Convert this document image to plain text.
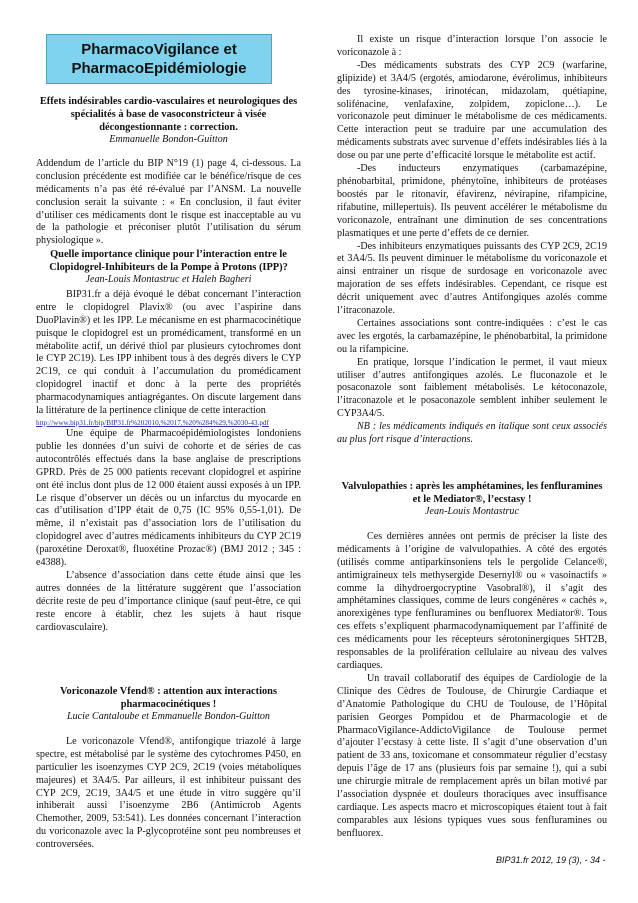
PharmacoVigilance et
PharmacoEpidémiologie

Effets indésirables cardio-vasculaires et neurologiques des spécialités à base de vasoconstricteur à visée décongestionnante : correction.

Emmanuelle Bondon-Guitton

Addendum de l’article du BIP N°19 (1) page 4, ci-dessous. La conclusion précédente est modifiée car le bénéfice/risque de ces médicaments n’a pas été ré-évalué par l’ANSM. La nouvelle conclusion serait la suivante : « En conclusion, il faut éviter d’utiliser ces médicaments dont le risque est inacceptable au vu de la pathologie et préconiser plutôt l’utilisation du sérum physiologique ».

Quelle importance clinique pour l’interaction entre le Clopidogrel-Inhibiteurs de la Pompe à Protons (IPP)?

Jean-Louis Montastruc et Haleh Bagheri

BIP31.fr a déjà évoqué le débat concernant l’interaction entre le clopidogrel Plavix® (ou avec l’aspirine dans DuoPlavin®) et les IPP. Le mécanisme en est pharmacocinétique puisque le clopidogrel est un promédicament, transformé en un métabolite actif, un dérivé thiol par plusieurs cytochromes dont le CYP 2C19). Les IPP inhibent tous à des degrés divers le CYP 2C19, ce qui conduit à l’accumulation du promédicament clopidogrel inactif et donc à la perte des propriétés pharmacodynamiques antiagrégantes. On discute largement dans la littérature de la pertinence clinique de cette interaction

http://www.bip31.fr/bip/BIP31.fr%202010,%2017,%20%284%29,%2030-43.pdf

Une équipe de Pharmacoépidémiologistes londoniens publie les données d’un suivi de cohorte et de séries de cas autocontrôlés effectués dans la base anglaise de prescriptions GPRD. Près de 25 000 patients recevant clopidogrel et aspirine ont été inclus dont plus de 12 000 étaient aussi exposés à un IPP. Le risque d’observer un décès ou un infarctus du myocarde en cas d’utilisation d’IPP était de 0,75 (IC 95% 0,55-1,01). De même, il n’existait pas d’association lors de l’utilisation du clopidogrel avec d’autres médicaments inhibiteurs du CYP 2C19 (paroxétine Deroxat®, fluoxétine Prozac®) (BMJ 2012 ; 345 : e4388).

L’absence d’association dans cette étude ainsi que les autres données de la littérature suggèrent que l’association décrite reste de peu d’importance clinique (sauf peut-être, ce qui reste encore à établir, chez les sujets à haut risque cardiovasculaire).

Voriconazole Vfend® : attention aux interactions pharmacocinétiques !

Lucie Cantaloube et Emmanuelle Bondon-Guitton

Le voriconazole Vfend®, antifongique triazolé à large spectre, est métabolisé par le système des cytochromes P450, en particulier les isoenzymes CYP 2C9, 2C19 (voies métaboliques majeures) et 3A4/5. Par ailleurs, il est inhibiteur puissant des CYP 2C9, 2C19, 3A4/5 et une étude in vitro suggère qu’il inhiberait aussi l’isoenzyme 2B6 (Antimicrob Agents Chemother, 2009, 53:541). Les données concernant l’interaction du voriconazole avec la P-glycoprotéine sont peu nombreuses et controversées.

Il existe un risque d’interaction lorsque l’on associe le voriconazole à :

-Des médicaments substrats des CYP 2C9 (warfarine, glipizide) et 3A4/5 (ergotés, amiodarone, évérolimus, inhibiteurs des tyrosine-kinases, irinotécan, midazolam, quétiapine, solifénacine, venlafaxine, zolpidem, zopiclone…). Le voriconazole peut diminuer le métabolisme de ces médicaments. Cette interaction peut se traduire par une accumulation des médicaments substrats avec survenue d’effets indésirables liés à la dose ou par une perte d’efficacité lorsque le métabolite est actif.

-Des inducteurs enzymatiques (carbamazépine, phénobarbital, primidone, phénytoïne, inhibiteurs de protéases boostés par le ritonavir, éfavirenz, névirapine, rifampicine, rifabutine, millepertuis). Ils peuvent accélérer le métabolisme du voriconazole, entraînant une diminution de ses concentrations plasmatiques et une perte d’effets de ce dernier.

-Des inhibiteurs enzymatiques puissants des CYP 2C9, 2C19 et 3A4/5. Ils peuvent diminuer le métabolisme du voriconazole et ainsi entrainer un risque de surdosage en voriconazole avec majoration de ses effets indésirables. Cependant, ce risque est décrit uniquement avec d’autres Antifongiques azolés comme l’itraconazole.

Certaines associations sont contre-indiquées : c’est le cas avec les ergotés, la carbamazépine, le phénobarbital, la primidone ou la rifampicine.

En pratique, lorsque l’indication le permet, il vaut mieux utiliser d’autres antifongiques azolés. Le fluconazole et le posaconazole sont faiblement métabolisés. Le kétoconazole, l’itraconazole et le posaconazole semblent inhiber seulement le CYP3A4/5.

NB : les médicaments indiqués en italique sont ceux associés au plus fort risque d’interactions.

Valvulopathies : après les amphétamines, les fenfluramines et le Mediator®, l’ecstasy !

Jean-Louis Montastruc

Ces dernières années ont permis de préciser la liste des médicaments à l’origine de valvulopathies. A côté des ergotés (utilisés comme antiparkinsoniens tels le pergolide Celance®, antimigraineux tels methysergide Desernyl® ou « vasoinactifs » comme la dihydroergocryptine Vasobral®), il s’agit des amphétamines classiques, comme de leurs congénères « cachés », anorexigènes type fenfluramines ou benfluorex Mediator®. Tous ces effets s’expliquent pharmacodynamiquement par l’affinité de ces médicaments pour les récepteurs sérotoninergiques 5HT2B, responsables de la prolifération cellulaire au niveau des valves cardiaques.

Un travail collaboratif des équipes de Cardiologie de la Clinique des Cèdres de Toulouse, de Chirurgie Cardiaque et d’Anatomie Pathologique du CHU de Toulouse, de l’Hôpital parisien Georges Pompidou et de Pharmacologie et de PharmacoVigilance-AddictoVigilance de Toulouse permet d’ajouter l’ecstasy à cette liste. Il s’agit d’une observation d’un patient de 33 ans, toxicomane et consommateur régulier d’ecstasy depuis l’âge de 17 ans (plusieurs fois par semaine !), qui a subi une chirurgie mitrale de remplacement après un bilan motivé par l’association dyspnée et douleurs thoraciques avec insuffisance cardiaque. Les aspects macro et microscopiques étaient tout à fait comparables aux lésions typiques vues sous fenfluramines ou benfluorex.

BIP31.fr 2012, 19 (3), - 34 -
